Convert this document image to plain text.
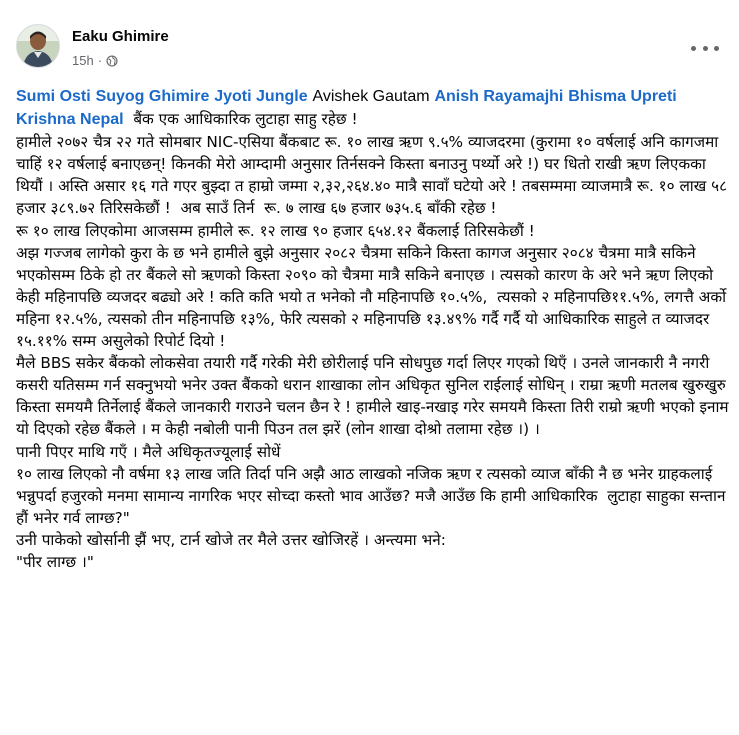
Eaku Ghimire
15h ·
Sumi Osti Suyog Ghimire Jyoti Jungle Avishek Gautam Anish Rayamajhi Bhisma Upreti Krishna Nepal  बैंक एक आधिकारिक लुटाहा साहु रहेछ !
हामीले २०७२ चैत्र २२ गते सोमबार NIC-एसिया बैंकबाट रू. १० लाख ऋण ९.५% व्याजदरमा (कुरामा १० वर्षलाई अनि कागजमा चाहिं १२ वर्षलाई बनाएछन्! किनकी मेरो आम्दामी अनुसार तिर्नसक्ने किस्ता बनाउनु पर्थ्यो अरे !) घर धितो राखी ऋण लिएकका थियौं । अस्ति असार १६ गते गएर बुझ्दा त हाम्रो जम्मा २,३२,२६४.४० मात्रै सावाँ घटेयो अरे ! तबसम्ममा व्याजमात्रै रू. १० लाख ५८ हजार ३८९.७२ तिरिसकेछौं !  अब साउँ तिर्न  रू. ७ लाख ६७ हजार ७३५.६ बाँकी रहेछ !
रू १० लाख लिएकोमा आजसम्म हामीले रू. १२ लाख ९० हजार ६५४.१२ बैंकलाई तिरिसकेछौं !
अझ गज्जब लागेको कुरा के छ भने हामीले बुझे अनुसार २०८२ चैत्रमा सकिने किस्ता कागज अनुसार २०८४ चैत्रमा मात्रै सकिने भएकोसम्म ठिके हो तर बैंकले सो ऋणको किस्ता २०९० को चैत्रमा मात्रै सकिने बनाएछ । त्यसको कारण के अरे भने ऋण लिएको केही महिनापछि व्यजदर बढ्यो अरे ! कति कति भयो त भनेको नौ महिनापछि १०.५%,  त्यसको २ महिनापछि११.५%, लगत्तै अर्को महिना १२.५%, त्यसको तीन महिनापछि १३%, फेरि त्यसको २ महिनापछि १३.४९% गर्दै गर्दै यो आधिकारिक साहुले त व्याजदर १५.११% सम्म असुलेको रिपोर्ट दियो !
मैले BBS सकेर बैंकको लोकसेवा तयारी गर्दै गरेकी मेरी छोरीलाई पनि सोधपुछ गर्दा लिएर गएको थिएँ । उनले जानकारी नै नगरी कसरी यतिसम्म गर्न सक्नुभयो भनेर उक्त बैंकको धरान शाखाका लोन अधिकृत सुनिल राईलाई सोधिन् । राम्रा ऋणी मतलब खुरुखुरु किस्ता समयमै तिर्नेलाई बैंकले जानकारी गराउने चलन छैन रे ! हामीले खाइ-नखाइ गरेर समयमै किस्ता तिरी राम्रो ऋणी भएको इनाम यो दिएको रहेछ बैंकले । म केही नबोली पानी पिउन तल झरें (लोन शाखा दोश्रो तलामा रहेछ ।) ।
पानी पिएर माथि गएँ । मैले अधिकृतज्यूलाई सोधें
१० लाख लिएको नौ वर्षमा १३ लाख जति तिर्दा पनि अझै आठ लाखको नजिक ऋण र त्यसको व्याज बाँकी नै छ भनेर ग्राहकलाई भन्नुपर्दा हजुरको मनमा सामान्य नागरिक भएर सोच्दा कस्तो भाव आउँछ? मजै आउँछ कि हामी आधिकारिक  लुटाहा साहुका सन्तान हौं भनेर गर्व लाग्छ?"
उनी पाकेको खोर्सानी झैं भए, टार्न खोजे तर मैले उत्तर खोजिरहें । अन्त्यमा भने:
"पीर लाग्छ ।"
